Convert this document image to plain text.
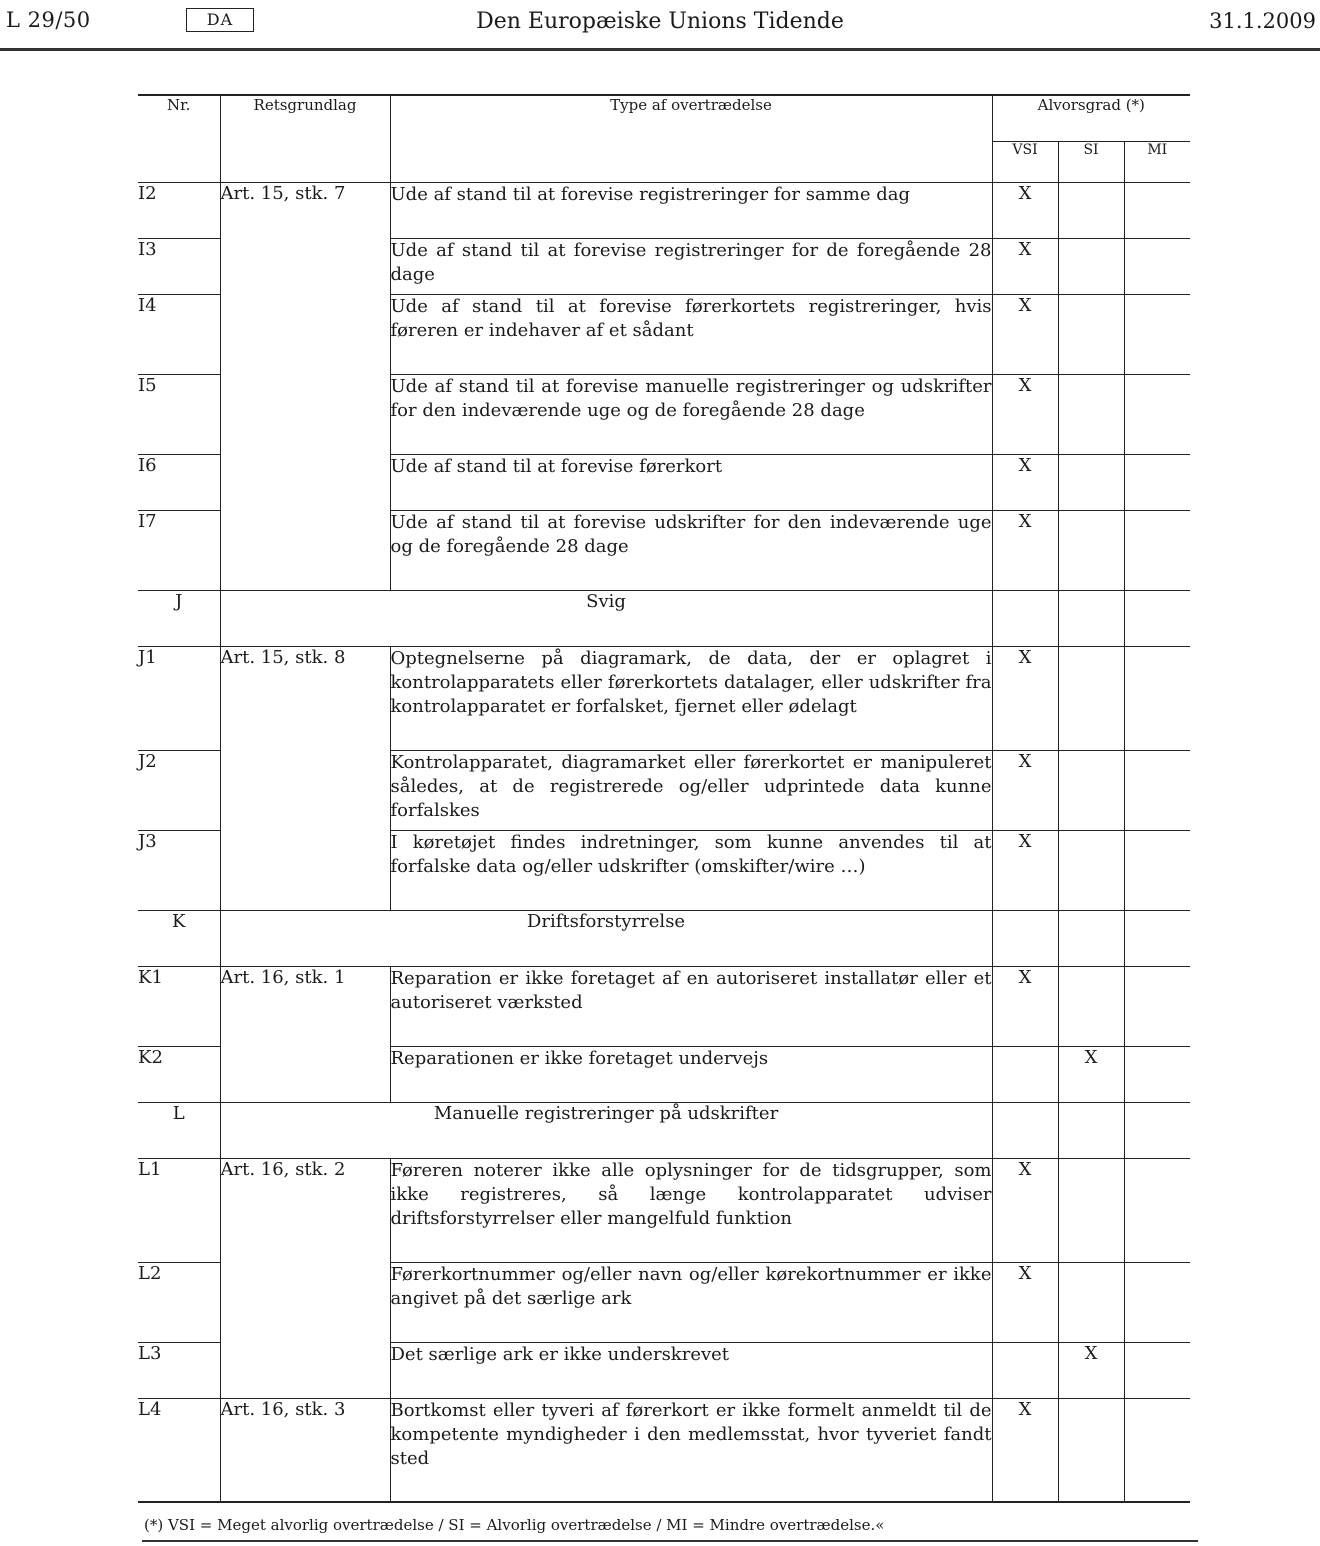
L 29/50	DA	Den Europæiske Unions Tidende	31.1.2009
Nr.	Retsgrundlag	Type af overtrædelse	Alvorsgrad (*)		
			VSI	SI	MI
I2	Art. 15, stk. 7	Ude af stand til at forevise registreringer for samme dag	X		
I3		Ude af stand til at forevise registreringer for de foregående 28 dage	X		
I4		Ude af stand til at forevise førerkortets registreringer, hvis føreren er indehaver af et sådant	X		
I5		Ude af stand til at forevise manuelle registreringer og udskrifter for den indeværende uge og de foregående 28 dage	X		
I6		Ude af stand til at forevise førerkort	X		
I7		Ude af stand til at forevise udskrifter for den indeværende uge og de foregående 28 dage	X		
J	Svig				
J1	Art. 15, stk. 8	Optegnelserne på diagramark, de data, der er oplagret i kontrolapparatets eller førerkortets datalager, eller udskrifter fra kontrolapparatet er forfalsket, fjernet eller ødelagt	X		
J2		Kontrolapparatet, diagramarket eller førerkortet er manipuleret således, at de registrerede og/eller udprintede data kunne forfalskes	X		
J3		I køretøjet findes indretninger, som kunne anvendes til at forfalske data og/eller udskrifter (omskifter/wire …)	X		
K	Driftsforstyrrelse				
K1	Art. 16, stk. 1	Reparation er ikke foretaget af en autoriseret installatør eller et autoriseret værksted	X		
K2		Reparationen er ikke foretaget undervejs		X	
L	Manuelle registreringer på udskrifter				
L1	Art. 16, stk. 2	Føreren noterer ikke alle oplysninger for de tidsgrupper, som ikke registreres, så længe kontrolapparatet udviser driftsforstyrrelser eller mangelfuld funktion	X		
L2		Førerkortnummer og/eller navn og/eller kørekortnummer er ikke angivet på det særlige ark	X		
L3		Det særlige ark er ikke underskrevet		X	
L4	Art. 16, stk. 3	Bortkomst eller tyveri af førerkort er ikke formelt anmeldt til de kompetente myndigheder i den medlemsstat, hvor tyveriet fandt sted	X		
(*) VSI = Meget alvorlig overtrædelse / SI = Alvorlig overtrædelse / MI = Mindre overtrædelse.«
